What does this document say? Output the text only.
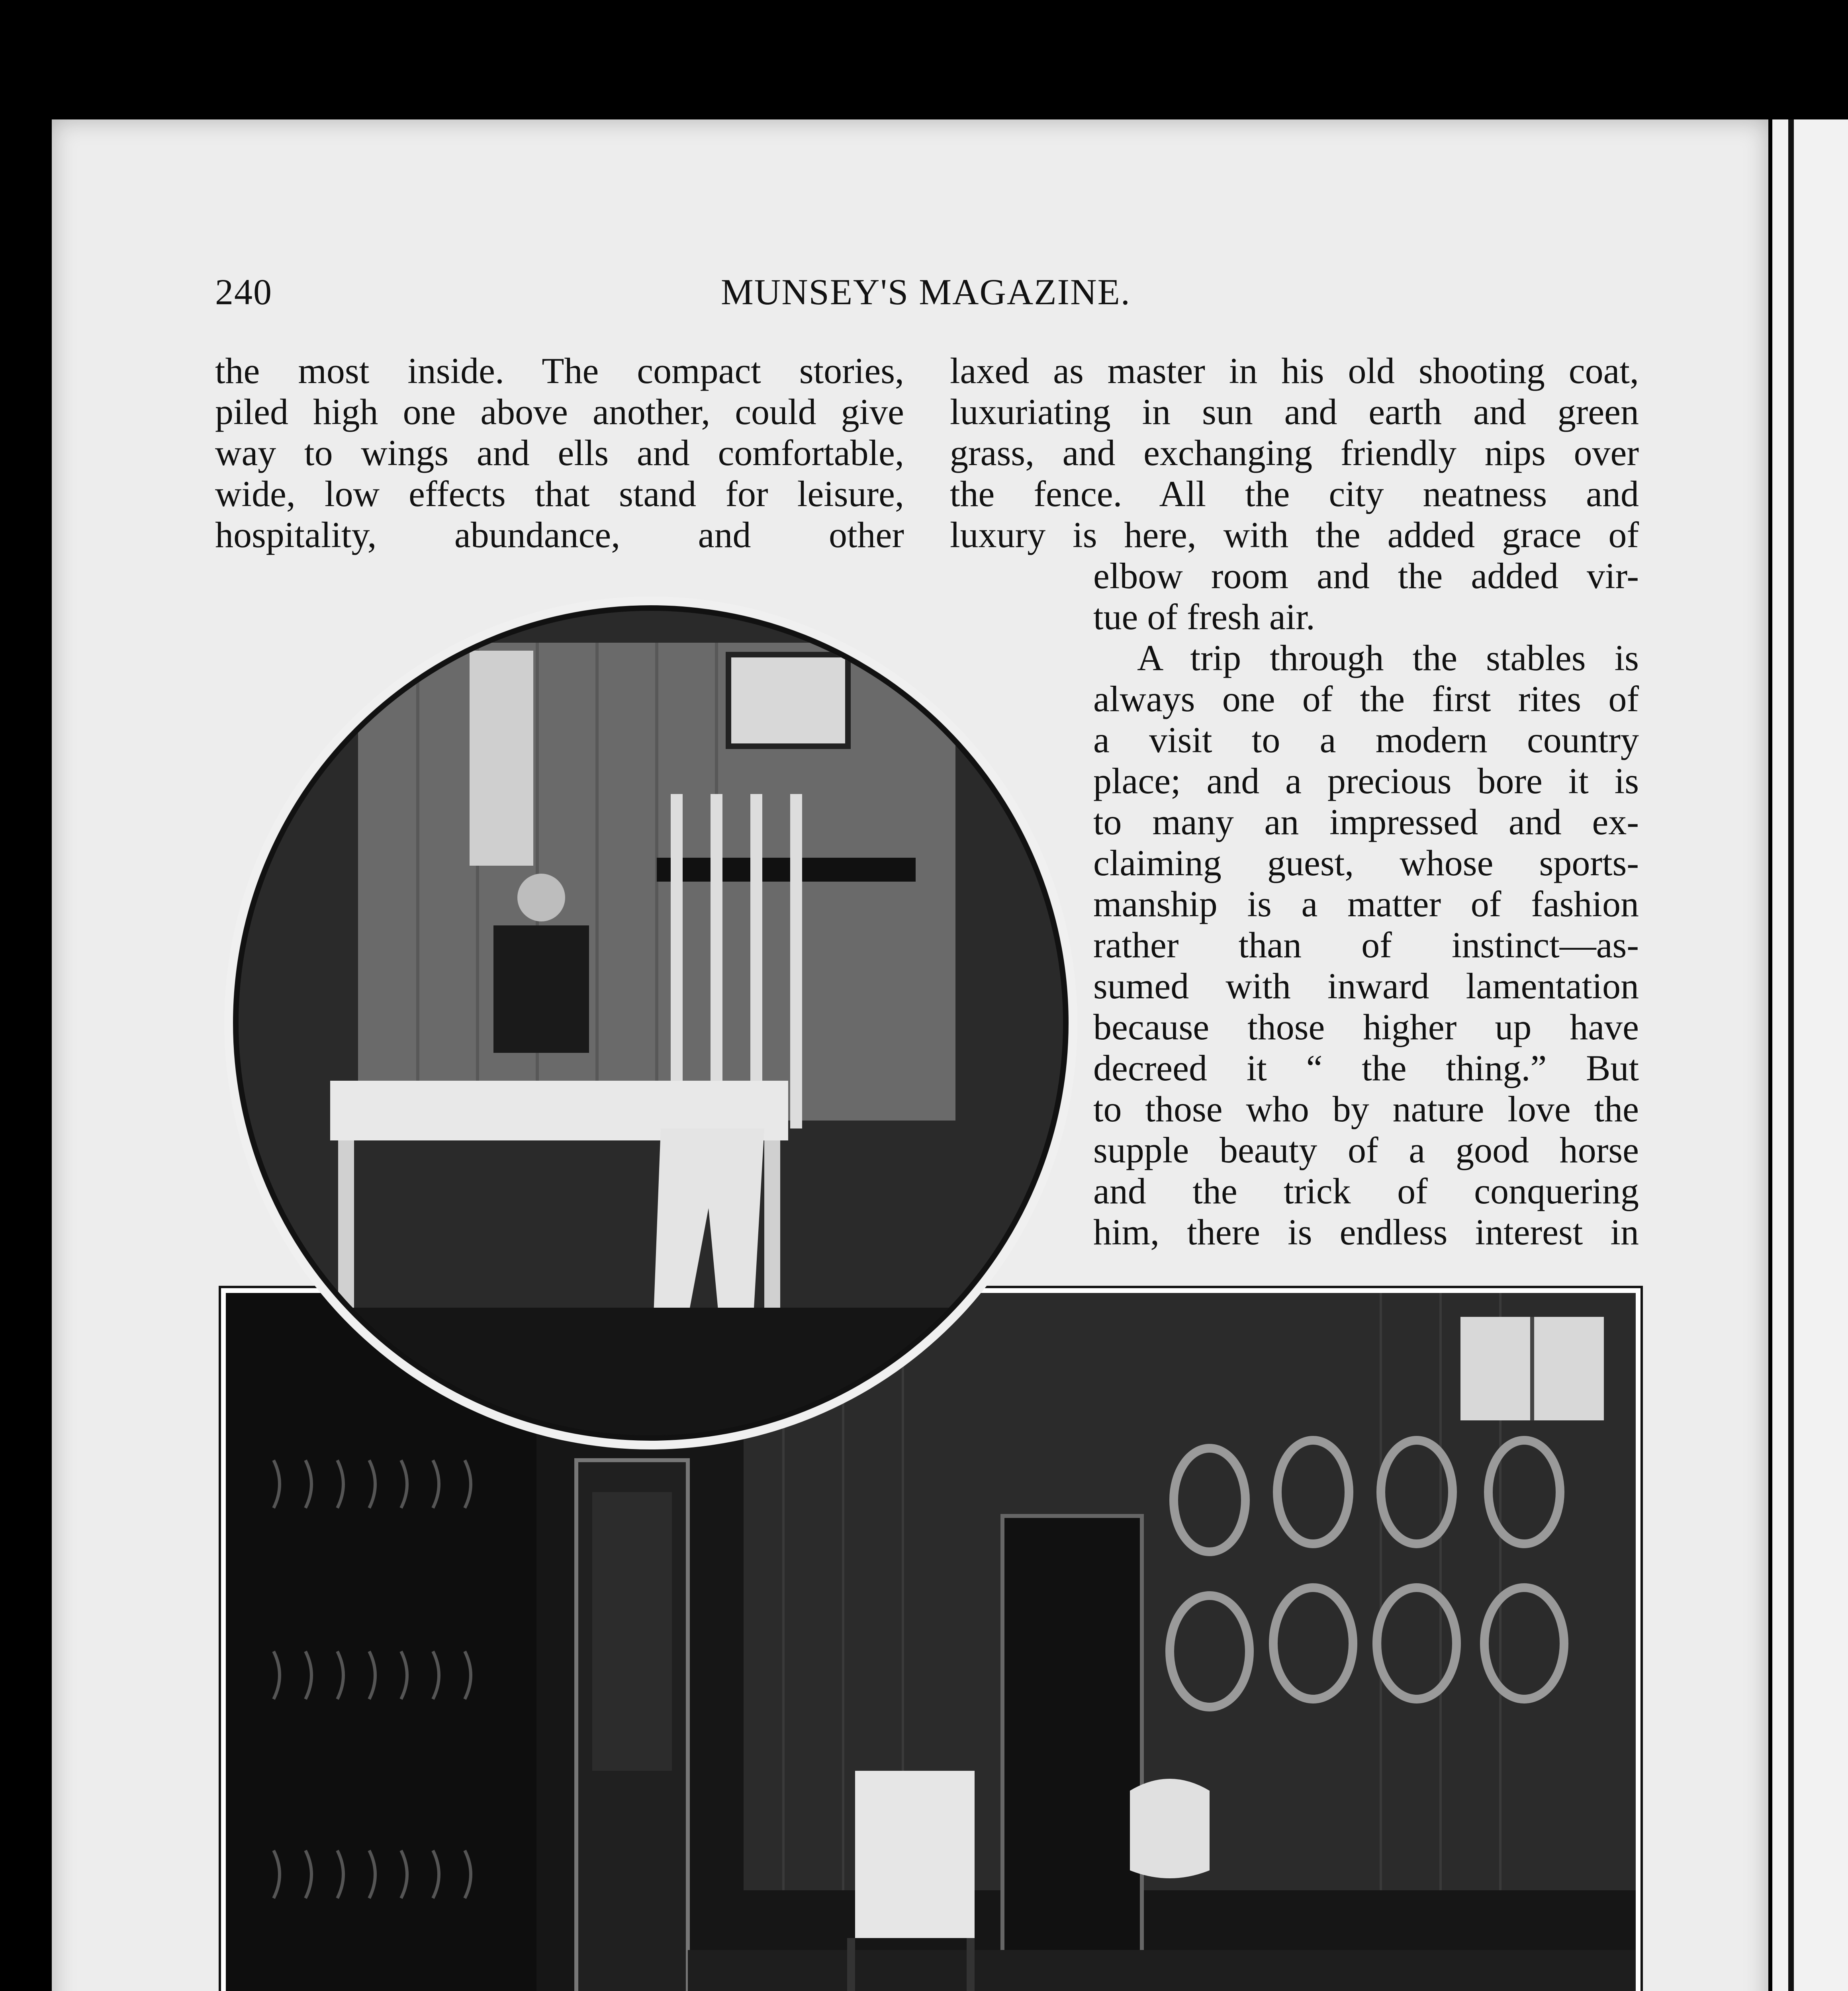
240	MUNSEY'S MAGAZINE.
the most inside. The compact stories,
piled high one above another, could give
way to wings and ells and comfortable,
wide, low effects that stand for leisure,
hospitality, abundance, and other
laxed as master in his old shooting coat,
luxuriating in sun and earth and green
grass, and exchanging friendly nips over
the fence. All the city neatness and
luxury is here, with the added grace of
elbow room and the added vir-
tue of fresh air.
A trip through the stables is
always one of the first rites of
a visit to a modern country
place; and a precious bore it is
to many an impressed and ex-
claiming guest, whose sports-
manship is a matter of fashion
rather than of instinct—as-
sumed with inward lamentation
because those higher up have
decreed it “ the thing.” But
to those who by nature love the
supple beauty of a good horse
and the trick of conquering
him, there is endless interest in
